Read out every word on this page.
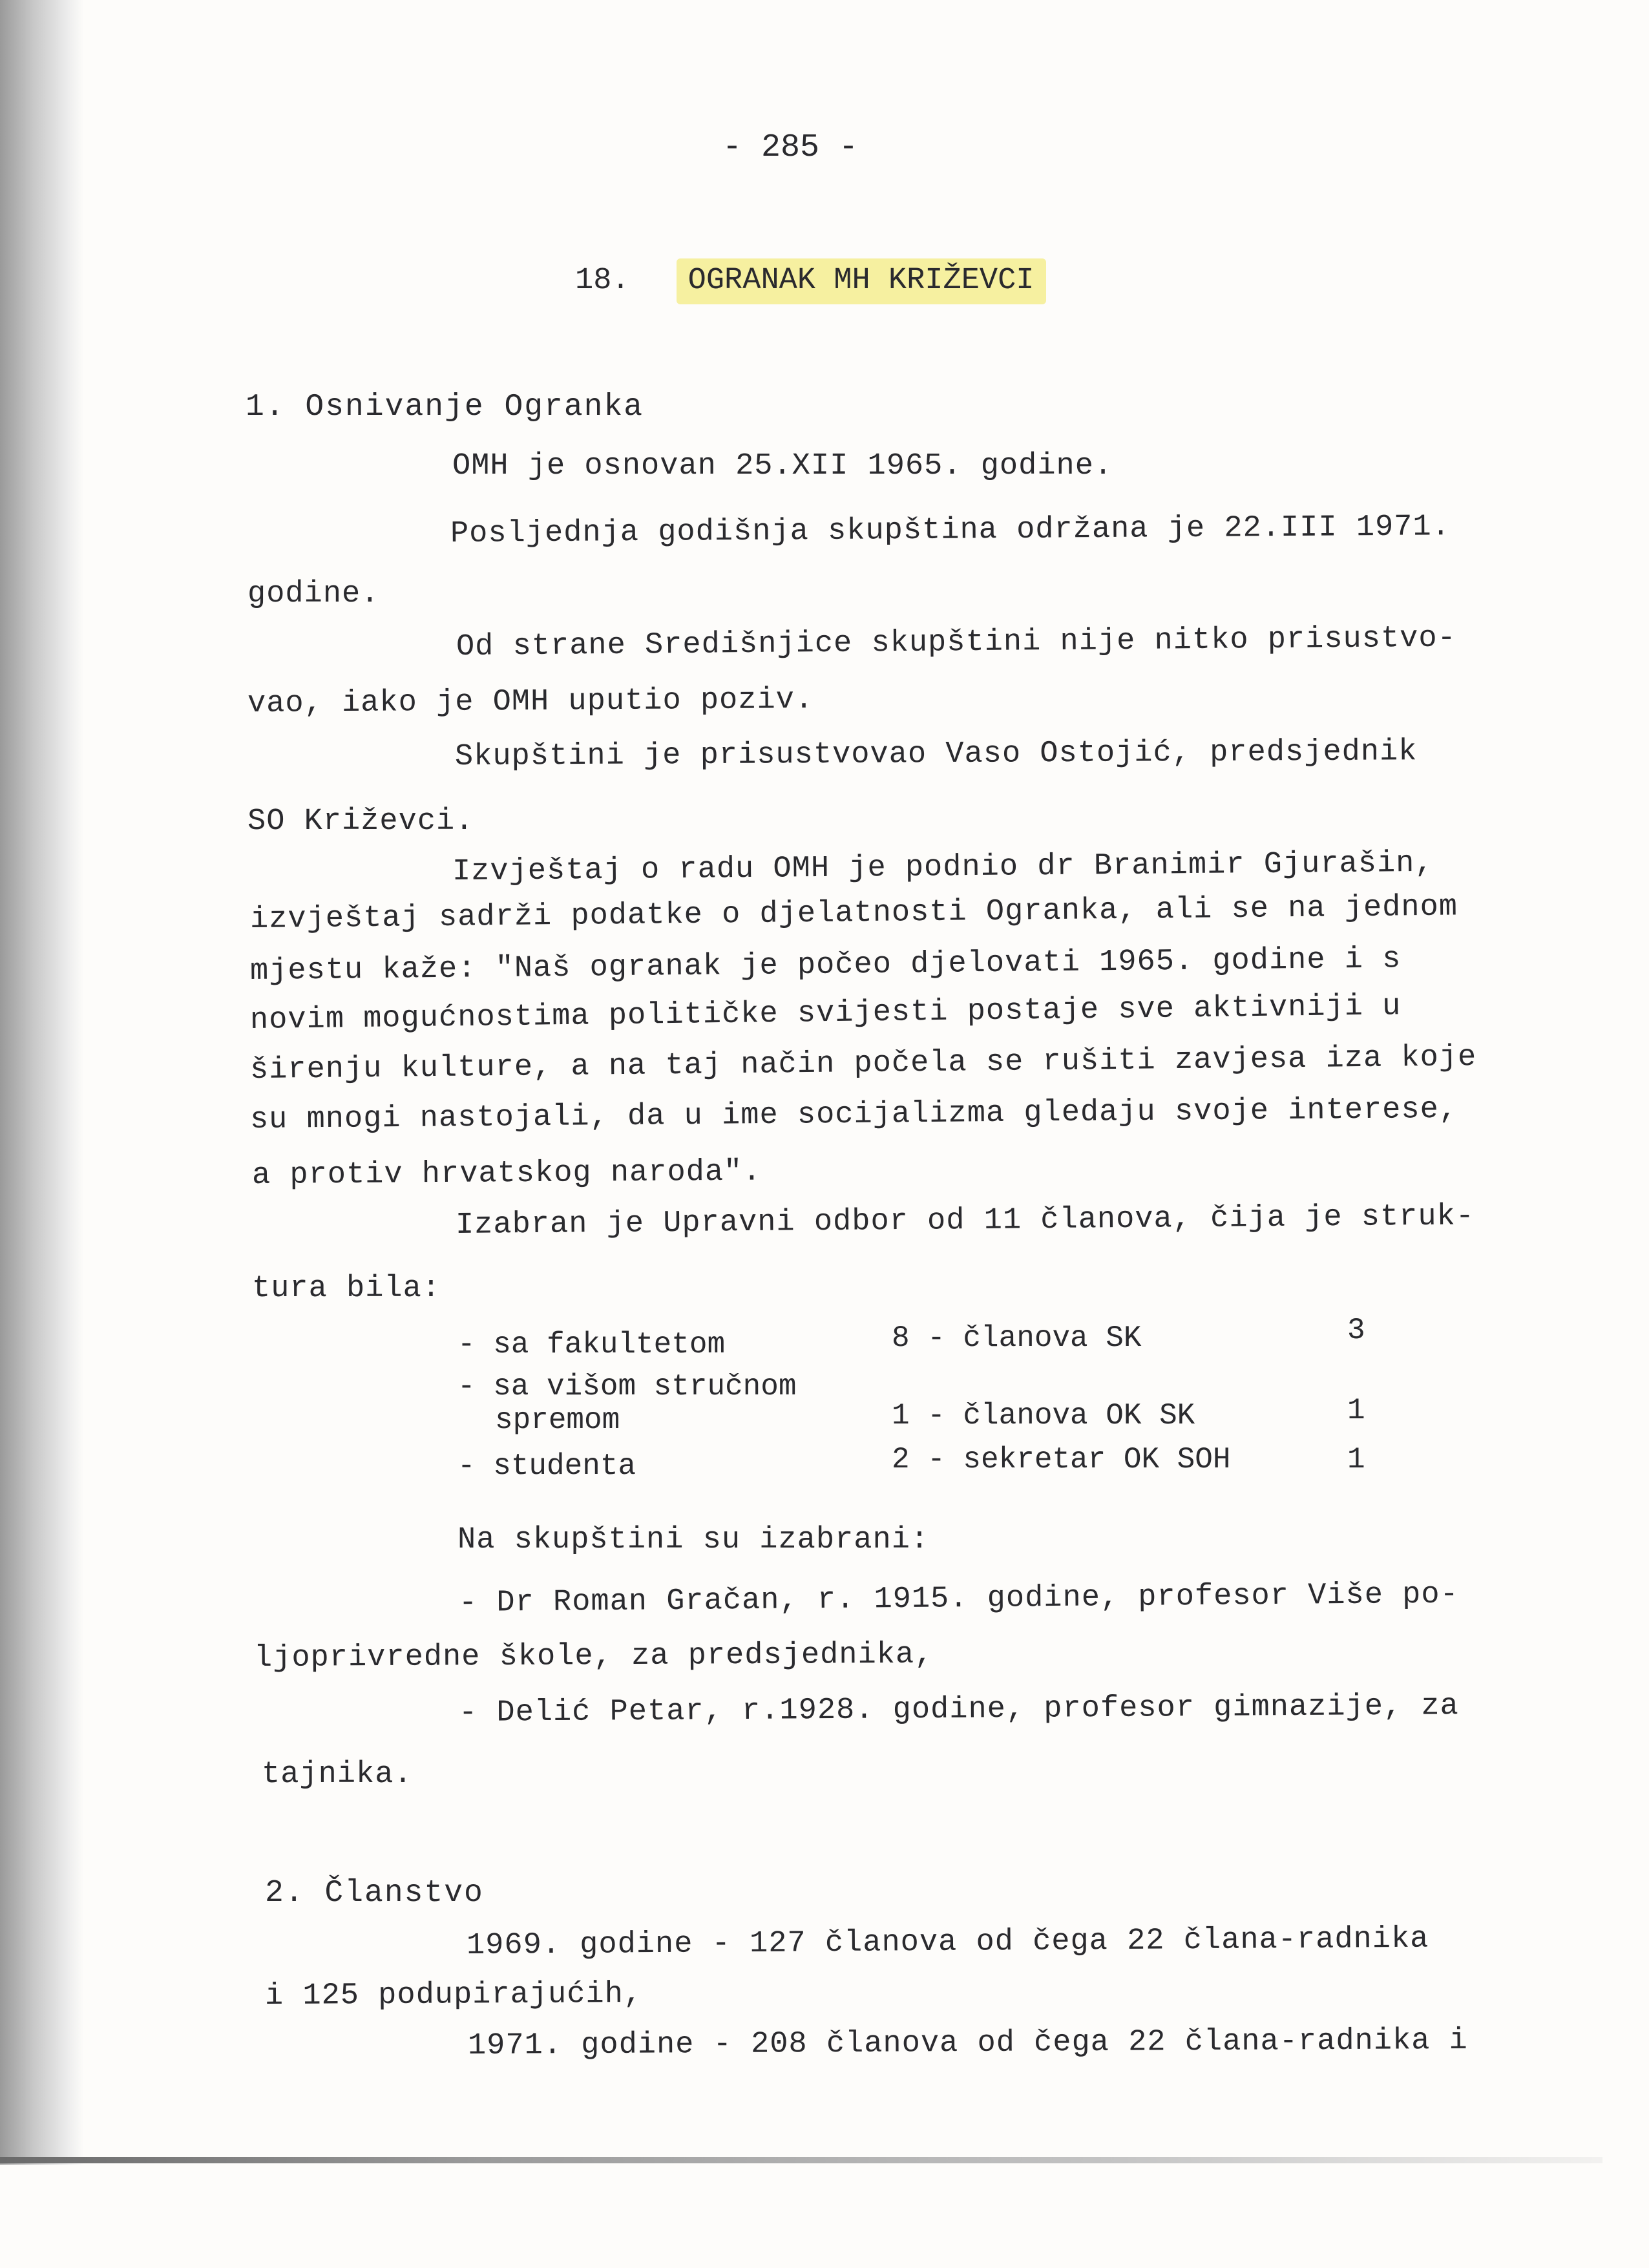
- 285 -
18. OGRANAK MH KRIŽEVCI
1. Osnivanje Ogranka
OMH je osnovan 25.XII 1965. godine.
Posljednja godišnja skupština održana je 22.III 1971.
godine.
Od strane Središnjice skupštini nije nitko prisustvo-
vao, iako je OMH uputio poziv.
Skupštini je prisustvovao Vaso Ostojić, predsjednik
SO Križevci.
Izvještaj o radu OMH je podnio dr Branimir Gjurašin,
izvještaj sadrži podatke o djelatnosti Ogranka, ali se na jednom
mjestu kaže: "Naš ogranak je počeo djelovati 1965. godine i s
novim mogućnostima političke svijesti postaje sve aktivniji u
širenju kulture, a na taj način počela se rušiti zavjesa iza koje
su mnogi nastojali, da u ime socijalizma gledaju svoje interese,
a protiv hrvatskog naroda".
Izabran je Upravni odbor od 11 članova, čija je struk-
tura bila:
- sa fakultetom	8 - članova SK	3
- sa višom stručnom
spremom	1 - članova OK SK	1
- studenta	2 - sekretar OK SOH	1
Na skupštini su izabrani:
- Dr Roman Gračan, r. 1915. godine, profesor Više po-
ljoprivredne škole, za predsjednika,
- Delić Petar, r.1928. godine, profesor gimnazije, za
tajnika.
2. Članstvo
1969. godine - 127 članova od čega 22 člana-radnika
i 125 podupirajućih,
1971. godine - 208 članova od čega 22 člana-radnika i
